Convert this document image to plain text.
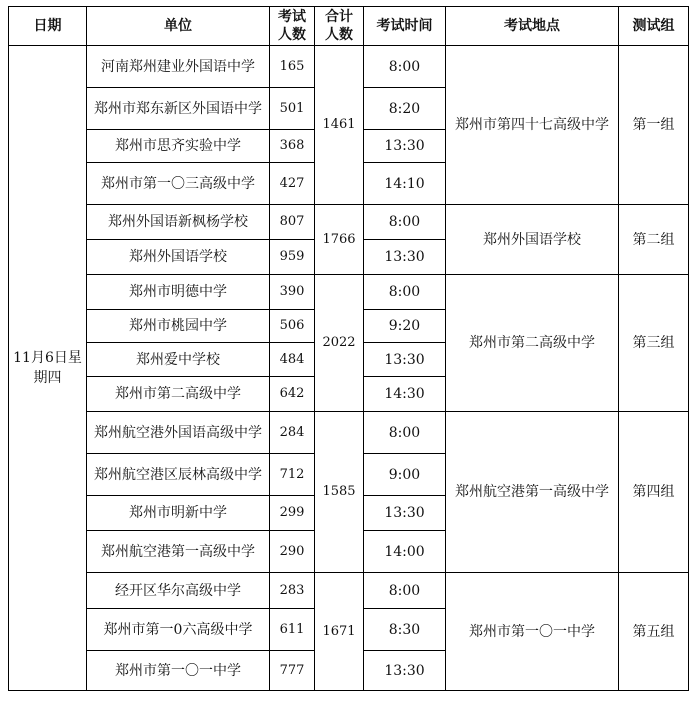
日期	单位	考试人数	合计人数	考试时间	考试地点	测试组
11月6日星期四	河南郑州建业外国语中学	165	1461	8:00	郑州市第四十七高级中学	第一组
	郑州市郑东新区外国语中学	501		8:20		
	郑州市思齐实验中学	368		13:30		
	郑州市第一〇三高级中学	427		14:10		
	郑州外国语新枫杨学校	807	1766	8:00	郑州外国语学校	第二组
	郑州外国语学校	959		13:30		
	郑州市明德中学	390	2022	8:00	郑州市第二高级中学	第三组
	郑州市桃园中学	506		9:20		
	郑州爱中学校	484		13:30		
	郑州市第二高级中学	642		14:30		
	郑州航空港外国语高级中学	284	1585	8:00	郑州航空港第一高级中学	第四组
	郑州航空港区辰林高级中学	712		9:00		
	郑州市明新中学	299		13:30		
	郑州航空港第一高级中学	290		14:00		
	经开区华尔高级中学	283	1671	8:00	郑州市第一〇一中学	第五组
	郑州市第一0六高级中学	611		8:30		
	郑州市第一〇一中学	777		13:30		
